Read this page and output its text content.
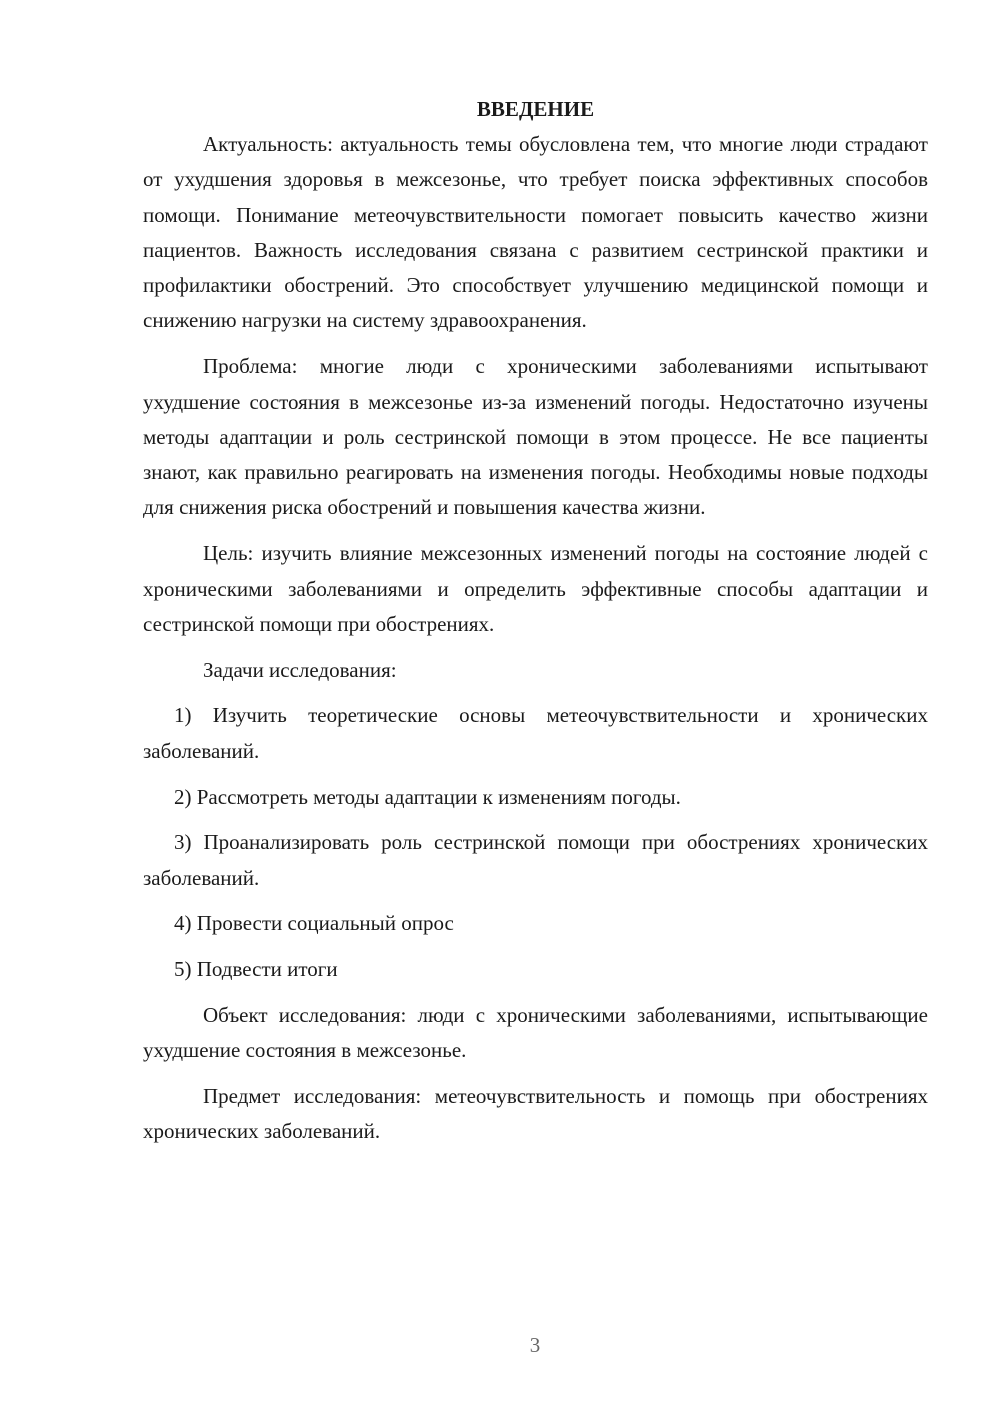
ВВЕДЕНИЕ

Актуальность: актуальность темы обусловлена тем, что многие люди страдают от ухудшения здоровья в межсезонье, что требует поиска эффективных способов помощи. Понимание метеочувствительности помогает повысить качество жизни пациентов. Важность исследования связана с развитием сестринской практики и профилактики обострений. Это способствует улучшению медицинской помощи и снижению нагрузки на систему здравоохранения.

Проблема: многие люди с хроническими заболеваниями испытывают ухудшение состояния в межсезонье из-за изменений погоды. Недостаточно изучены методы адаптации и роль сестринской помощи в этом процессе. Не все пациенты знают, как правильно реагировать на изменения погоды. Необходимы новые подходы для снижения риска обострений и повышения качества жизни.

Цель: изучить влияние межсезонных изменений погоды на состояние людей с хроническими заболеваниями и определить эффективные способы адаптации и сестринской помощи при обострениях.

Задачи исследования:

1) Изучить теоретические основы метеочувствительности и хронических заболеваний.

2) Рассмотреть методы адаптации к изменениям погоды.

3) Проанализировать роль сестринской помощи при обострениях хронических заболеваний.

4) Провести социальный опрос

5) Подвести итоги

Объект исследования: люди с хроническими заболеваниями, испытывающие ухудшение состояния в межсезонье.

Предмет исследования: метеочувствительность и помощь при обострениях хронических заболеваний.

3
